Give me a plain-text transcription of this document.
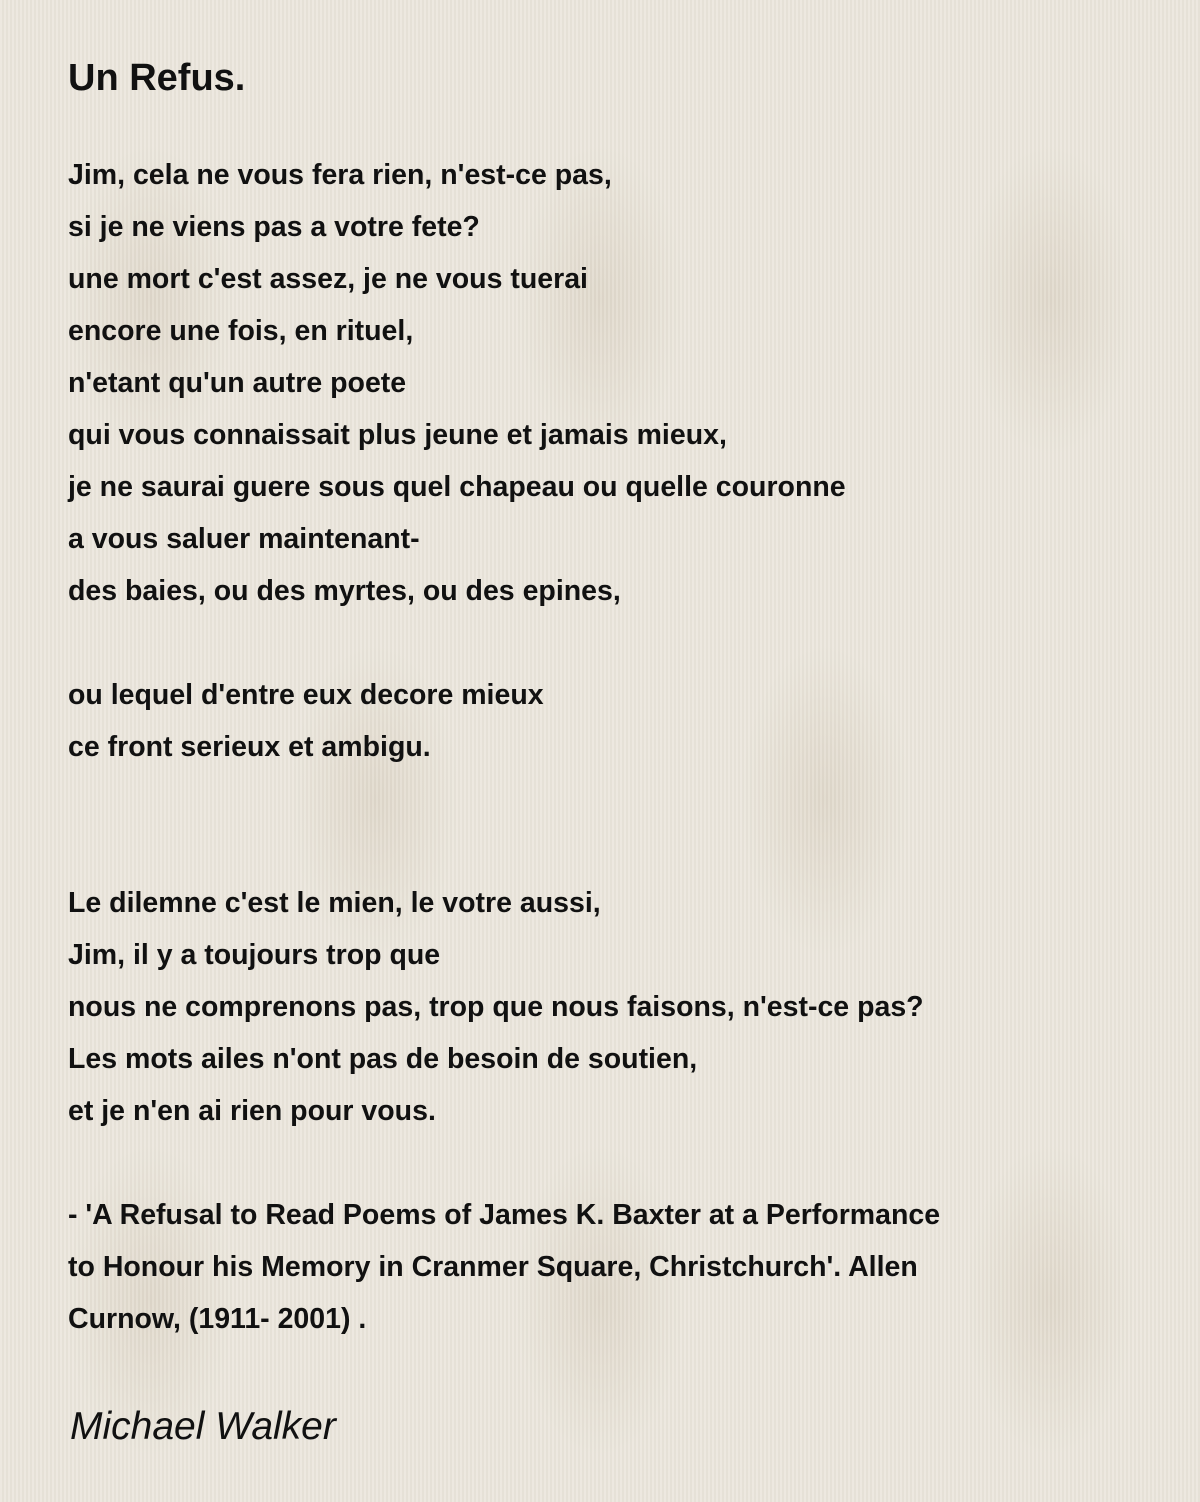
Un Refus.
Jim, cela ne vous fera rien, n'est-ce pas,
si je ne viens pas a votre fete?
une mort c'est assez, je ne vous tuerai
encore une fois, en rituel,
n'etant qu'un autre poete
qui vous connaissait plus jeune et jamais mieux,
je ne saurai guere sous quel chapeau ou quelle couronne
a vous saluer maintenant-
des baies, ou des myrtes, ou des epines,
ou lequel d'entre eux decore mieux
ce front serieux et ambigu.
Le dilemne c'est le mien, le votre aussi,
Jim, il y a toujours trop que
nous ne comprenons pas, trop que nous faisons, n'est-ce pas?
Les mots ailes n'ont pas de besoin de soutien,
et je n'en ai rien pour vous.
- 'A Refusal to Read Poems of James K. Baxter at a Performance
to Honour his Memory in Cranmer Square, Christchurch'. Allen
Curnow, (1911- 2001) .
Michael Walker
